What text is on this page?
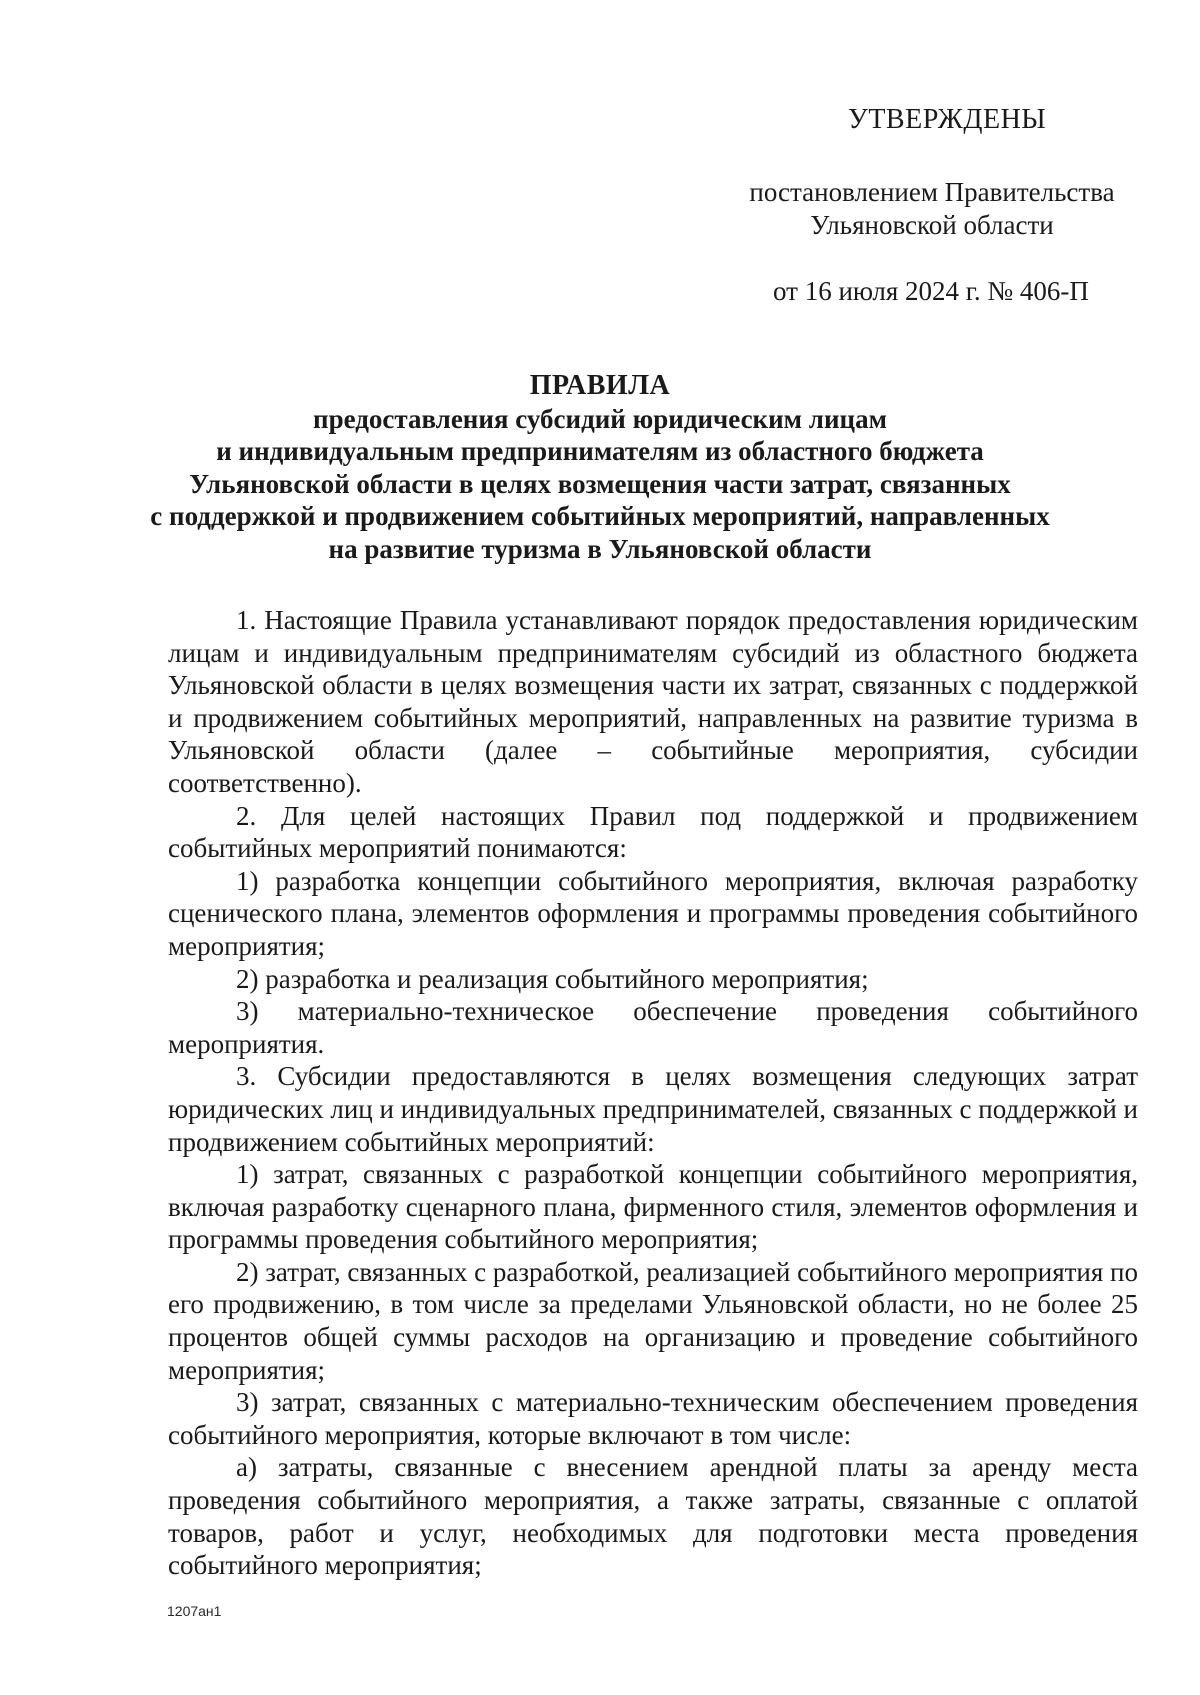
УТВЕРЖДЕНЫ
постановлением Правительства
Ульяновской области
от 16 июля 2024 г. № 406-П
ПРАВИЛА
предоставления субсидий юридическим лицам
и индивидуальным предпринимателям из областного бюджета
Ульяновской области в целях возмещения части затрат, связанных
с поддержкой и продвижением событийных мероприятий, направленных
на развитие туризма в Ульяновской области

1. Настоящие Правила устанавливают порядок предоставления юридическим лицам и индивидуальным предпринимателям субсидий из областного бюджета Ульяновской области в целях возмещения части их затрат, связанных с поддержкой и продвижением событийных мероприятий, направленных на развитие туризма в Ульяновской области (далее – событийные мероприятия, субсидии соответственно).

2. Для целей настоящих Правил под поддержкой и продвижением событийных мероприятий понимаются:

1) разработка концепции событийного мероприятия, включая разработку сценического плана, элементов оформления и программы проведения событийного мероприятия;

2) разработка и реализация событийного мероприятия;

3) материально-техническое обеспечение проведения событийного мероприятия.

3. Субсидии предоставляются в целях возмещения следующих затрат юридических лиц и индивидуальных предпринимателей, связанных с поддержкой и продвижением событийных мероприятий:

1) затрат, связанных с разработкой концепции событийного мероприятия, включая разработку сценарного плана, фирменного стиля, элементов оформления и программы проведения событийного мероприятия;

2) затрат, связанных с разработкой, реализацией событийного мероприятия по его продвижению, в том числе за пределами Ульяновской области, но не более 25 процентов общей суммы расходов на организацию и проведение событийного мероприятия;

3) затрат, связанных с материально-техническим обеспечением проведения событийного мероприятия, которые включают в том числе:

а) затраты, связанные с внесением арендной платы за аренду места проведения событийного мероприятия, а также затраты, связанные с оплатой товаров, работ и услуг, необходимых для подготовки места проведения событийного мероприятия;

1207ан1
